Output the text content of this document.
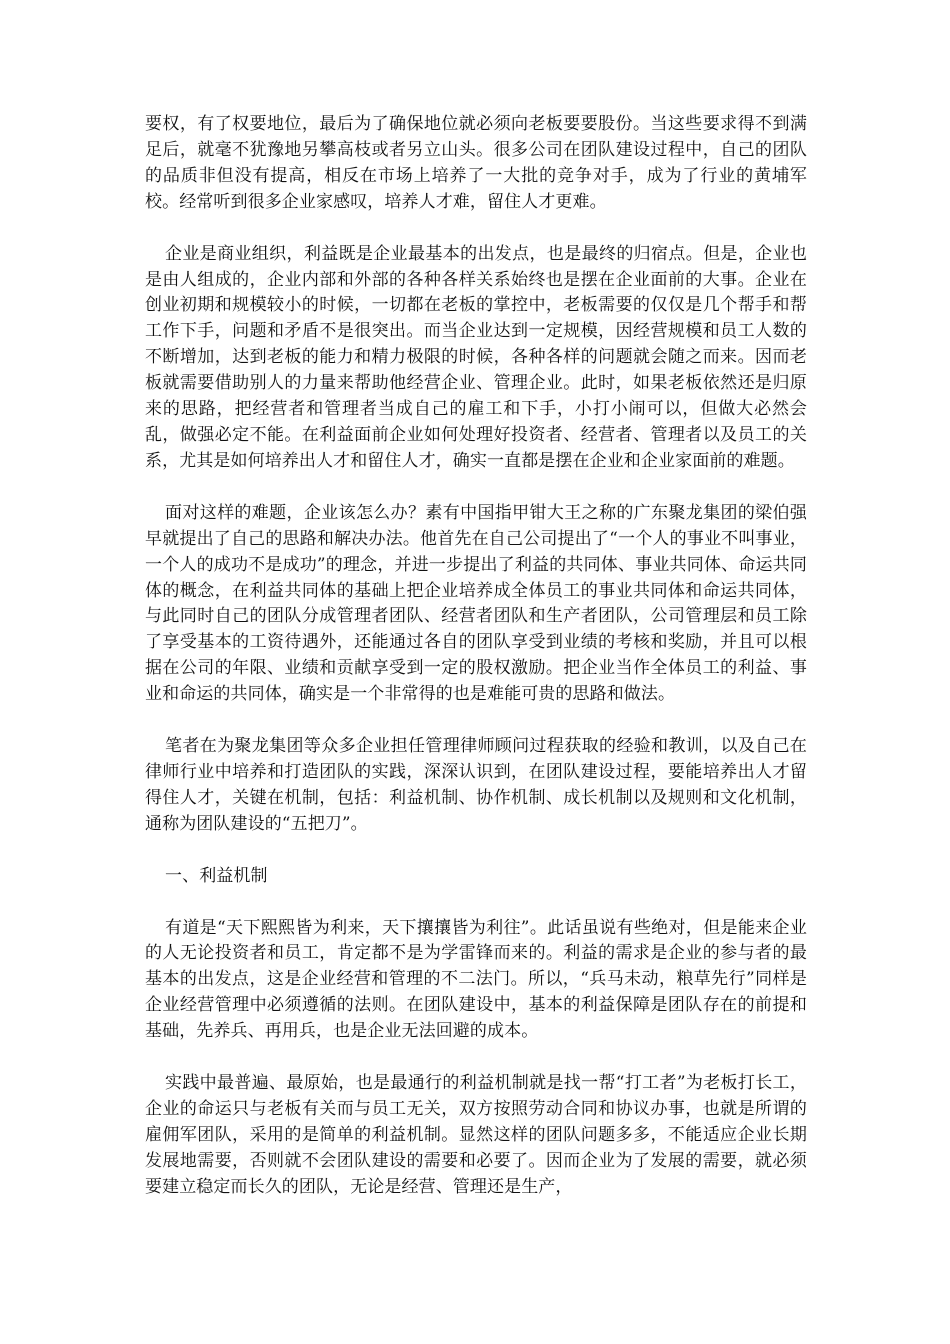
要权，有了权要地位，最后为了确保地位就必须向老板要要股份。当这些要求得不到满足后，就毫不犹豫地另攀高枝或者另立山头。很多公司在团队建设过程中，自己的团队的品质非但没有提高，相反在市场上培养了一大批的竞争对手，成为了行业的黄埔军校。经常听到很多企业家感叹，培养人才难，留住人才更难。

企业是商业组织，利益既是企业最基本的出发点，也是最终的归宿点。但是，企业也是由人组成的，企业内部和外部的各种各样关系始终也是摆在企业面前的大事。企业在创业初期和规模较小的时候，一切都在老板的掌控中，老板需要的仅仅是几个帮手和帮工作下手，问题和矛盾不是很突出。而当企业达到一定规模，因经营规模和员工人数的不断增加，达到老板的能力和精力极限的时候，各种各样的问题就会随之而来。因而老板就需要借助别人的力量来帮助他经营企业、管理企业。此时，如果老板依然还是归原来的思路，把经营者和管理者当成自己的雇工和下手，小打小闹可以，但做大必然会乱，做强必定不能。在利益面前企业如何处理好投资者、经营者、管理者以及员工的关系，尤其是如何培养出人才和留住人才，确实一直都是摆在企业和企业家面前的难题。

面对这样的难题，企业该怎么办？素有中国指甲钳大王之称的广东聚龙集团的梁伯强早就提出了自己的思路和解决办法。他首先在自己公司提出了“一个人的事业不叫事业，一个人的成功不是成功”的理念，并进一步提出了利益的共同体、事业共同体、命运共同体的概念，在利益共同体的基础上把企业培养成全体员工的事业共同体和命运共同体，与此同时自己的团队分成管理者团队、经营者团队和生产者团队，公司管理层和员工除了享受基本的工资待遇外，还能通过各自的团队享受到业绩的考核和奖励，并且可以根据在公司的年限、业绩和贡献享受到一定的股权激励。把企业当作全体员工的利益、事业和命运的共同体，确实是一个非常得的也是难能可贵的思路和做法。

笔者在为聚龙集团等众多企业担任管理律师顾问过程获取的经验和教训，以及自己在律师行业中培养和打造团队的实践，深深认识到，在团队建设过程，要能培养出人才留得住人才，关键在机制，包括：利益机制、协作机制、成长机制以及规则和文化机制，通称为团队建设的“五把刀”。

一、利益机制

有道是“天下熙熙皆为利来，天下攘攘皆为利往”。此话虽说有些绝对，但是能来企业的人无论投资者和员工，肯定都不是为学雷锋而来的。利益的需求是企业的参与者的最基本的出发点，这是企业经营和管理的不二法门。所以，“兵马未动，粮草先行”同样是企业经营管理中必须遵循的法则。在团队建设中，基本的利益保障是团队存在的前提和基础，先养兵、再用兵，也是企业无法回避的成本。

实践中最普遍、最原始，也是最通行的利益机制就是找一帮“打工者”为老板打长工，企业的命运只与老板有关而与员工无关，双方按照劳动合同和协议办事，也就是所谓的雇佣军团队，采用的是简单的利益机制。显然这样的团队问题多多，不能适应企业长期发展地需要，否则就不会团队建设的需要和必要了。因而企业为了发展的需要，就必须要建立稳定而长久的团队，无论是经营、管理还是生产，
